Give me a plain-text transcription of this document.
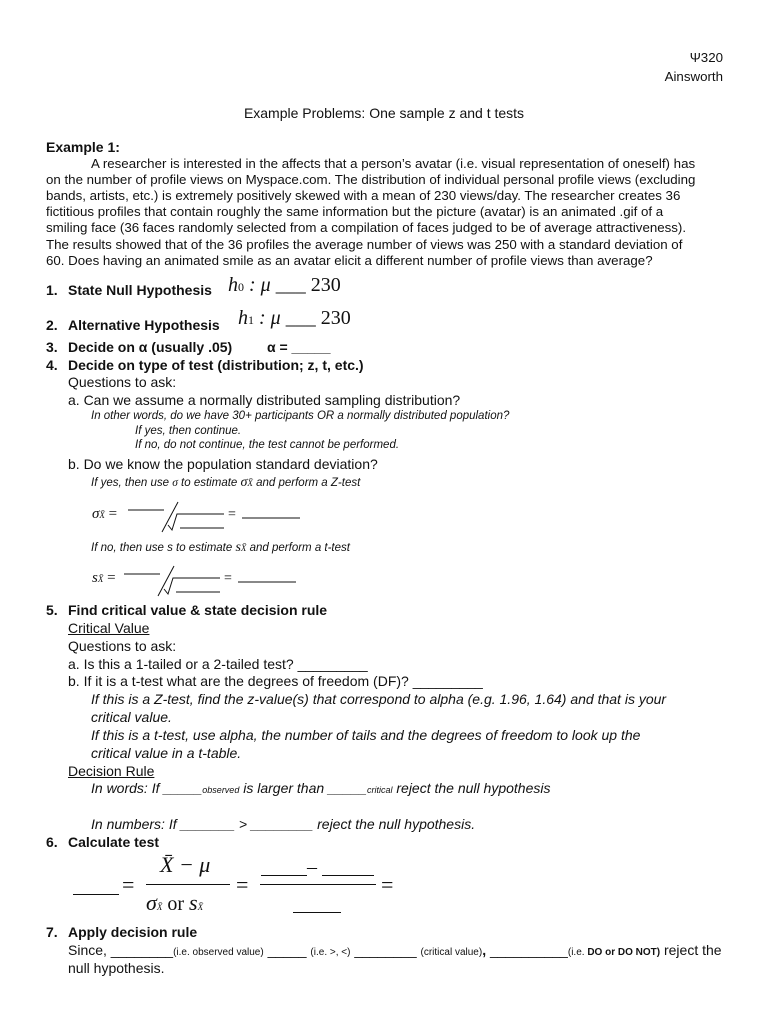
Ψ320
Ainsworth
Example Problems: One sample z and t tests
Example 1:
A researcher is interested in the affects that a person’s avatar (i.e. visual representation of oneself) has
on the number of profile views on Myspace.com. The distribution of individual personal profile views (excluding
bands, artists, etc.) is extremely positively skewed with a mean of 230 views/day. The researcher creates 36
fictitious profiles that contain roughly the same information but the picture (avatar) is an animated .gif of a
smiling face (36 faces randomly selected from a compilation of faces judged to be of average attractiveness).
The results showed that of the 36 profiles the average number of views was 250 with a standard deviation of
60. Does having an animated smile as an avatar elicit a different number of profile views than average?
1. State Null Hypothesis h0 : μ ___ 230
2. Alternative Hypothesis h1 : μ ___ 230
3. Decide on α (usually .05) α = _____
4. Decide on type of test (distribution; z, t, etc.)
Questions to ask:
a. Can we assume a normally distributed sampling distribution?
In other words, do we have 30+ participants OR a normally distributed population?
If yes, then continue.
If no, do not continue, the test cannot be performed.
b. Do we know the population standard deviation?
If yes, then use σ to estimate σX̄ and perform a Z-test
σX̄ =	=
If no, then use s to estimate sX̄ and perform a t-test
sX̄ =	=
5. Find critical value & state decision rule
Critical Value
Questions to ask:
a. Is this a 1-tailed or a 2-tailed test? _________
b. If it is a t-test what are the degrees of freedom (DF)? _________
If this is a Z-test, find the z-value(s) that correspond to alpha (e.g. 1.96, 1.64) and that is your
critical value.
If this is a t-test, use alpha, the number of tails and the degrees of freedom to look up the
critical value in a t-table.
Decision Rule
In words: If _____observed is larger than _____critical reject the null hypothesis
In numbers: If _______ > ________ reject the null hypothesis.
6. Calculate test
=
X̄ − μ
σX̄ or sX̄
=
–
=
7. Apply decision rule
Since, ________(i.e. observed value) _____ (i.e. >, <) ________ (critical value), __________(i.e. DO or DO NOT) reject the
null hypothesis.
